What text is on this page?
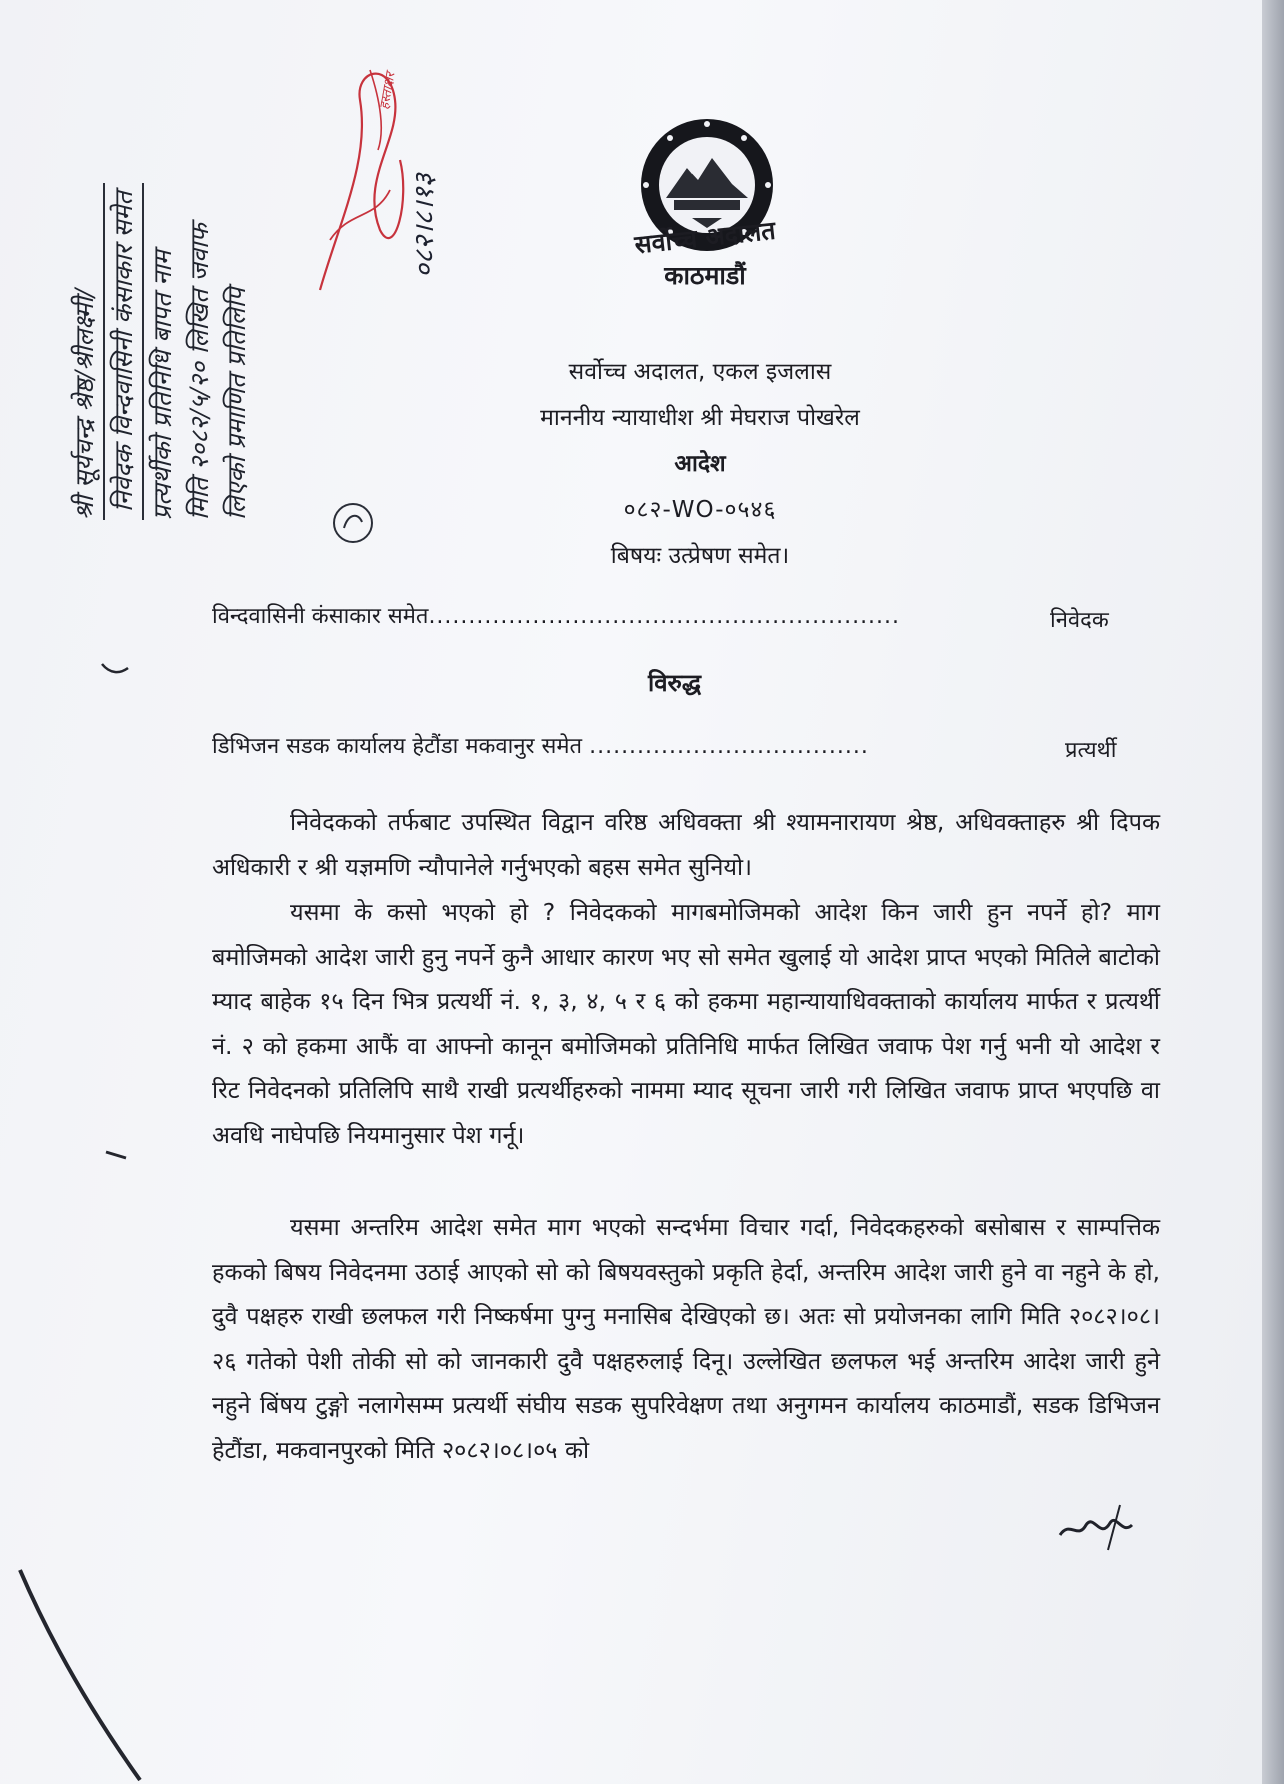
श्री सूर्यचन्द्र श्रेष्ठ/श्रीलक्ष्मी/ निवेदक विन्दवासिनी कंसाकार समेत प्रत्यर्थीको प्रतिनिधि बापत नाम मिति २०८२/५/२० लिखित जवाफ लिएको प्रमाणित प्रतिलिपि
०८२।८।१३
हस्ताक्षर
सर्वोच्च अदालत
काठमाडौं
सर्वोच्च अदालत, एकल इजलास
माननीय न्यायाधीश श्री मेघराज पोखरेल
आदेश
०८२-WO-०५४६
बिषयः उत्प्रेषण समेत।
विन्दवासिनी कंसाकार समेत...........................................................	निवेदक
विरुद्ध
डिभिजन सडक कार्यालय हेटौंडा मकवानुर समेत ...................................	प्रत्यर्थी
निवेदकको तर्फबाट उपस्थित विद्वान वरिष्ठ अधिवक्ता श्री श्यामनारायण श्रेष्ठ, अधिवक्ताहरु श्री दिपक अधिकारी र श्री यज्ञमणि न्यौपानेले गर्नुभएको बहस समेत सुनियो।
यसमा के कसो भएको हो ? निवेदकको मागबमोजिमको आदेश किन जारी हुन नपर्ने हो? माग बमोजिमको आदेश जारी हुनु नपर्ने कुनै आधार कारण भए सो समेत खुलाई यो आदेश प्राप्त भएको मितिले बाटोको म्याद बाहेक १५ दिन भित्र प्रत्यर्थी नं. १, ३, ४, ५ र ६ को हकमा महान्यायाधिवक्ताको कार्यालय मार्फत र प्रत्यर्थी नं. २ को हकमा आफैं वा आफ्नो कानून बमोजिमको प्रतिनिधि मार्फत लिखित जवाफ पेश गर्नु भनी यो आदेश र रिट निवेदनको प्रतिलिपि साथै राखी प्रत्यर्थीहरुको नाममा म्याद सूचना जारी गरी लिखित जवाफ प्राप्त भएपछि वा अवधि नाघेपछि नियमानुसार पेश गर्नू।
यसमा अन्तरिम आदेश समेत माग भएको सन्दर्भमा विचार गर्दा, निवेदकहरुको बसोबास र साम्पत्तिक हकको बिषय निवेदनमा उठाई आएको सो को बिषयवस्तुको प्रकृति हेर्दा, अन्तरिम आदेश जारी हुने वा नहुने के हो, दुवै पक्षहरु राखी छलफल गरी निष्कर्षमा पुग्नु मनासिब देखिएको छ। अतः सो प्रयोजनका लागि मिति २०८२।०८।२६ गतेको पेशी तोकी सो को जानकारी दुवै पक्षहरुलाई दिनू। उल्लेखित छलफल भई अन्तरिम आदेश जारी हुने नहुने बिंषय टुङ्गो नलागेसम्म प्रत्यर्थी संघीय सडक सुपरिवेक्षण तथा अनुगमन कार्यालय काठमाडौं, सडक डिभिजन हेटौंडा, मकवानपुरको मिति २०८२।०८।०५ को
